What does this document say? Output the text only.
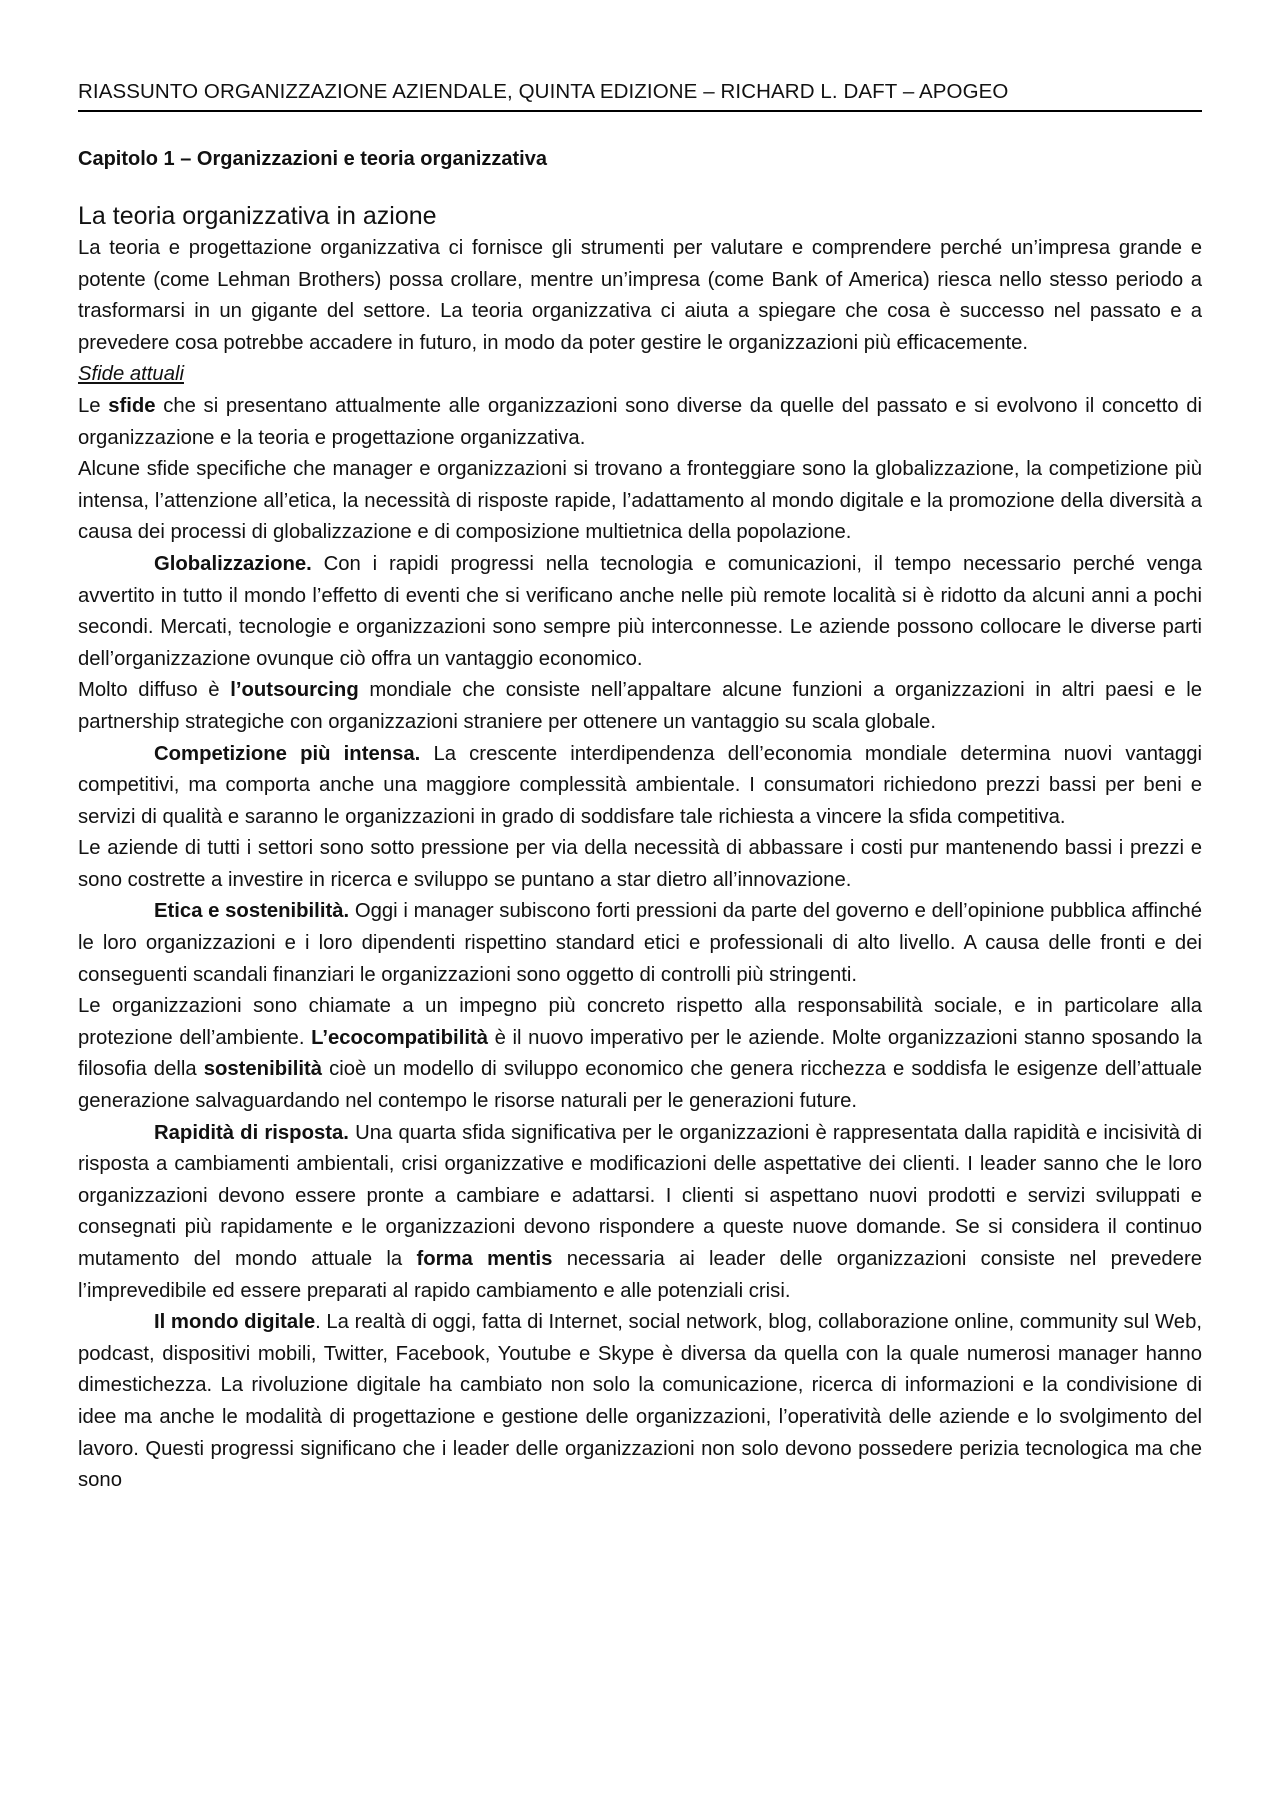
RIASSUNTO ORGANIZZAZIONE AZIENDALE, QUINTA EDIZIONE – RICHARD L. DAFT – APOGEO
Capitolo 1 – Organizzazioni e teoria organizzativa
La teoria organizzativa in azione

La teoria e progettazione organizzativa ci fornisce gli strumenti per valutare e comprendere perché un’impresa grande e potente (come Lehman Brothers) possa crollare, mentre un’impresa (come Bank of America) riesca nello stesso periodo a trasformarsi in un gigante del settore. La teoria organizzativa ci aiuta a spiegare che cosa è successo nel passato e a prevedere cosa potrebbe accadere in futuro, in modo da poter gestire le organizzazioni più efficacemente.

Sfide attuali

Le sfide che si presentano attualmente alle organizzazioni sono diverse da quelle del passato e si evolvono il concetto di organizzazione e la teoria e progettazione organizzativa.

Alcune sfide specifiche che manager e organizzazioni si trovano a fronteggiare sono la globalizzazione, la competizione più intensa, l’attenzione all’etica, la necessità di risposte rapide, l’adattamento al mondo digitale e la promozione della diversità a causa dei processi di globalizzazione e di composizione multietnica della popolazione.

Globalizzazione. Con i rapidi progressi nella tecnologia e comunicazioni, il tempo necessario perché venga avvertito in tutto il mondo l’effetto di eventi che si verificano anche nelle più remote località si è ridotto da alcuni anni a pochi secondi. Mercati, tecnologie e organizzazioni sono sempre più interconnesse. Le aziende possono collocare le diverse parti dell’organizzazione ovunque ciò offra un vantaggio economico.

Molto diffuso è l’outsourcing mondiale che consiste nell’appaltare alcune funzioni a organizzazioni in altri paesi e le partnership strategiche con organizzazioni straniere per ottenere un vantaggio su scala globale.

Competizione più intensa. La crescente interdipendenza dell’economia mondiale determina nuovi vantaggi competitivi, ma comporta anche una maggiore complessità ambientale. I consumatori richiedono prezzi bassi per beni e servizi di qualità e saranno le organizzazioni in grado di soddisfare tale richiesta a vincere la sfida competitiva.

Le aziende di tutti i settori sono sotto pressione per via della necessità di abbassare i costi pur mantenendo bassi i prezzi e sono costrette a investire in ricerca e sviluppo se puntano a star dietro all’innovazione.

Etica e sostenibilità. Oggi i manager subiscono forti pressioni da parte del governo e dell’opinione pubblica affinché le loro organizzazioni e i loro dipendenti rispettino standard etici e professionali di alto livello. A causa delle fronti e dei conseguenti scandali finanziari le organizzazioni sono oggetto di controlli più stringenti.

Le organizzazioni sono chiamate a un impegno più concreto rispetto alla responsabilità sociale, e in particolare alla protezione dell’ambiente. L’ecocompatibilità è il nuovo imperativo per le aziende. Molte organizzazioni stanno sposando la filosofia della sostenibilità cioè un modello di sviluppo economico che genera ricchezza e soddisfa le esigenze dell’attuale generazione salvaguardando nel contempo le risorse naturali per le generazioni future.

Rapidità di risposta. Una quarta sfida significativa per le organizzazioni è rappresentata dalla rapidità e incisività di risposta a cambiamenti ambientali, crisi organizzative e modificazioni delle aspettative dei clienti. I leader sanno che le loro organizzazioni devono essere pronte a cambiare e adattarsi. I clienti si aspettano nuovi prodotti e servizi sviluppati e consegnati più rapidamente e le organizzazioni devono rispondere a queste nuove domande. Se si considera il continuo mutamento del mondo attuale la forma mentis necessaria ai leader delle organizzazioni consiste nel prevedere l’imprevedibile ed essere preparati al rapido cambiamento e alle potenziali crisi.

Il mondo digitale. La realtà di oggi, fatta di Internet, social network, blog, collaborazione online, community sul Web, podcast, dispositivi mobili, Twitter, Facebook, Youtube e Skype è diversa da quella con la quale numerosi manager hanno dimestichezza. La rivoluzione digitale ha cambiato non solo la comunicazione, ricerca di informazioni e la condivisione di idee ma anche le modalità di progettazione e gestione delle organizzazioni, l’operatività delle aziende e lo svolgimento del lavoro. Questi progressi significano che i leader delle organizzazioni non solo devono possedere perizia tecnologica ma che sono
